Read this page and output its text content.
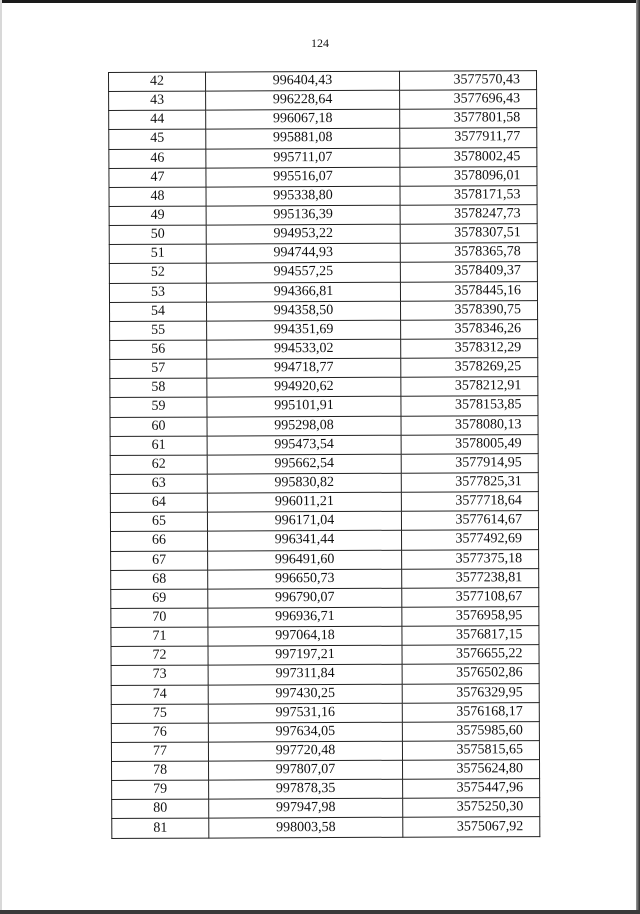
124
42	996404,43	3577570,43
43	996228,64	3577696,43
44	996067,18	3577801,58
45	995881,08	3577911,77
46	995711,07	3578002,45
47	995516,07	3578096,01
48	995338,80	3578171,53
49	995136,39	3578247,73
50	994953,22	3578307,51
51	994744,93	3578365,78
52	994557,25	3578409,37
53	994366,81	3578445,16
54	994358,50	3578390,75
55	994351,69	3578346,26
56	994533,02	3578312,29
57	994718,77	3578269,25
58	994920,62	3578212,91
59	995101,91	3578153,85
60	995298,08	3578080,13
61	995473,54	3578005,49
62	995662,54	3577914,95
63	995830,82	3577825,31
64	996011,21	3577718,64
65	996171,04	3577614,67
66	996341,44	3577492,69
67	996491,60	3577375,18
68	996650,73	3577238,81
69	996790,07	3577108,67
70	996936,71	3576958,95
71	997064,18	3576817,15
72	997197,21	3576655,22
73	997311,84	3576502,86
74	997430,25	3576329,95
75	997531,16	3576168,17
76	997634,05	3575985,60
77	997720,48	3575815,65
78	997807,07	3575624,80
79	997878,35	3575447,96
80	997947,98	3575250,30
81	998003,58	3575067,92
